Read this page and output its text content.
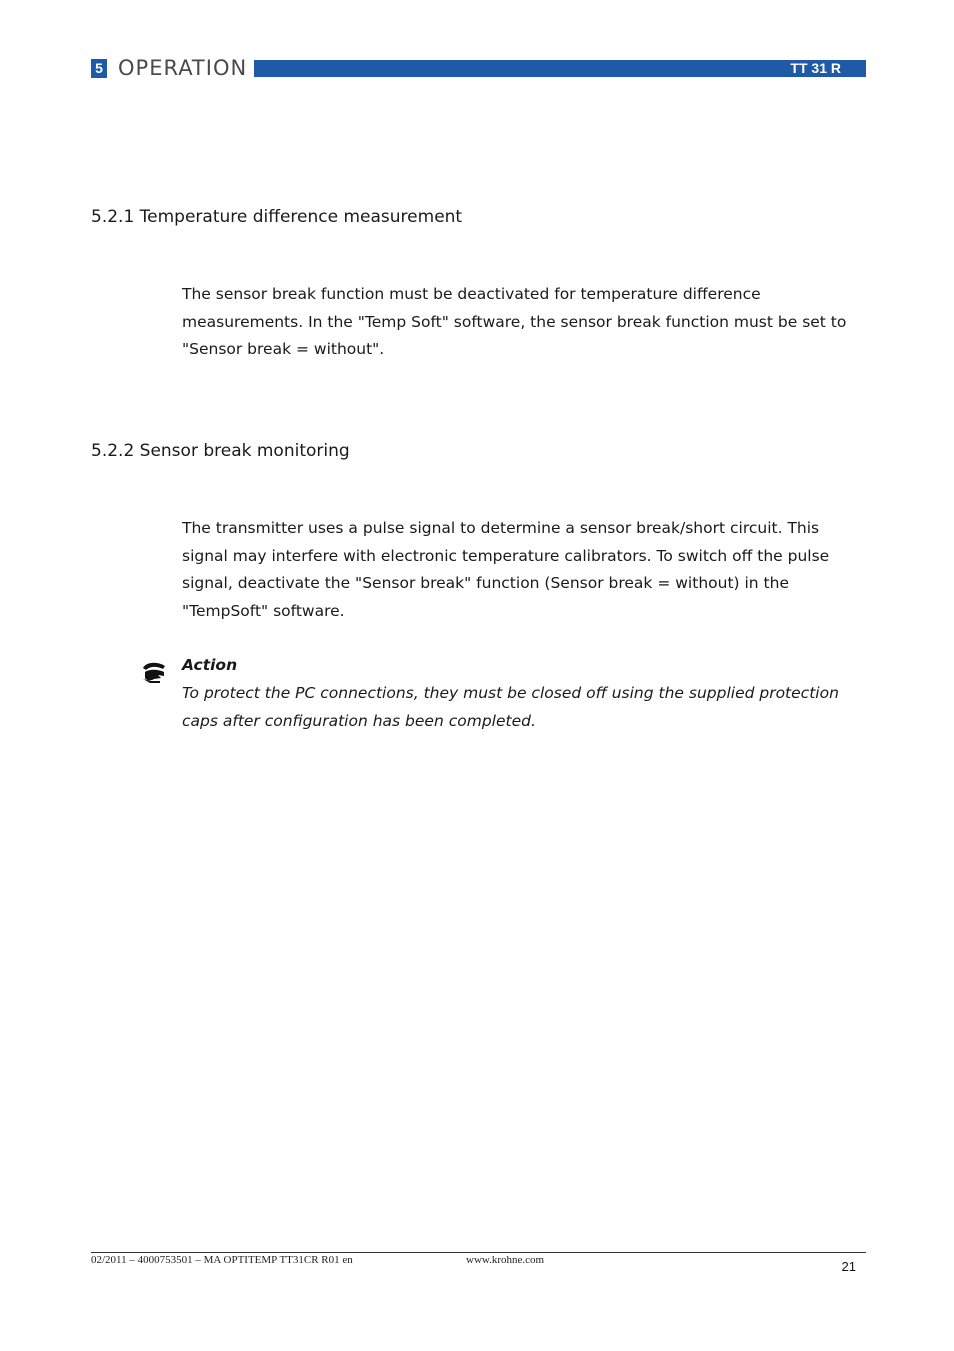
5 OPERATION	TT 31 R
5.2.1 Temperature difference measurement

The sensor break function must be deactivated for temperature difference measurements. In the "Temp Soft" software, the sensor break function must be set to "Sensor break = without".

5.2.2 Sensor break monitoring

The transmitter uses a pulse signal to determine a sensor break/short circuit. This signal may interfere with electronic temperature calibrators. To switch off the pulse signal, deactivate the "Sensor break" function (Sensor break = without) in the "TempSoft" software.

Action

To protect the PC connections, they must be closed off using the supplied protection caps after configuration has been completed.

02/2011 – 4000753501 – MA OPTITEMP TT31CR R01 en	www.krohne.com	21
